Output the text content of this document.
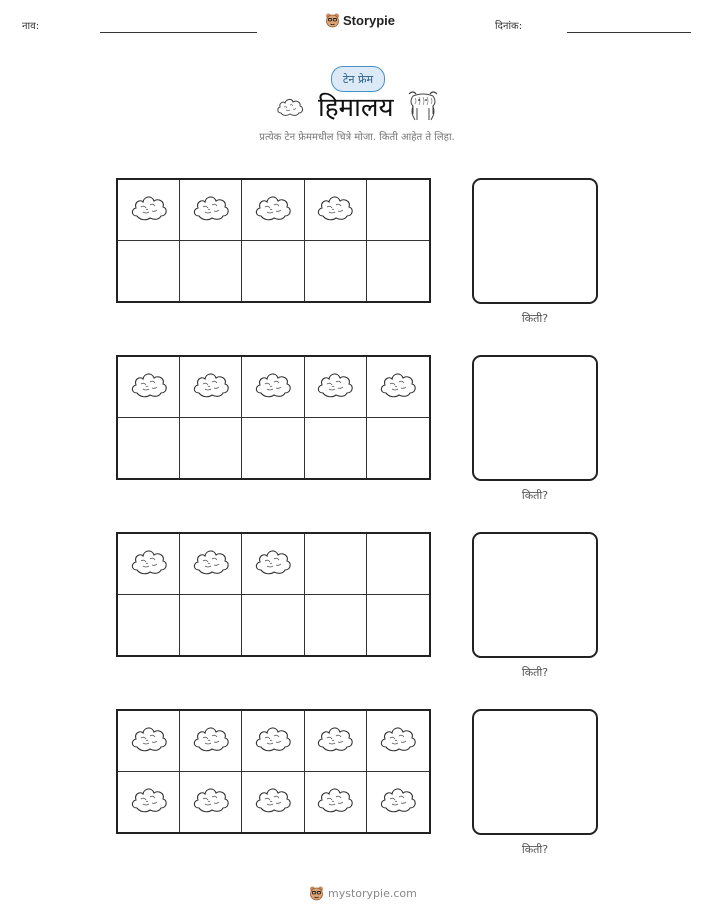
नाव:	Storypie	दिनांक:
टेन फ्रेम
हिमालय
प्रत्येक टेन फ्रेममधील चित्रे मोजा. किती आहेत ते लिहा.
किती?
किती?
किती?
किती?
mystorypie.com
